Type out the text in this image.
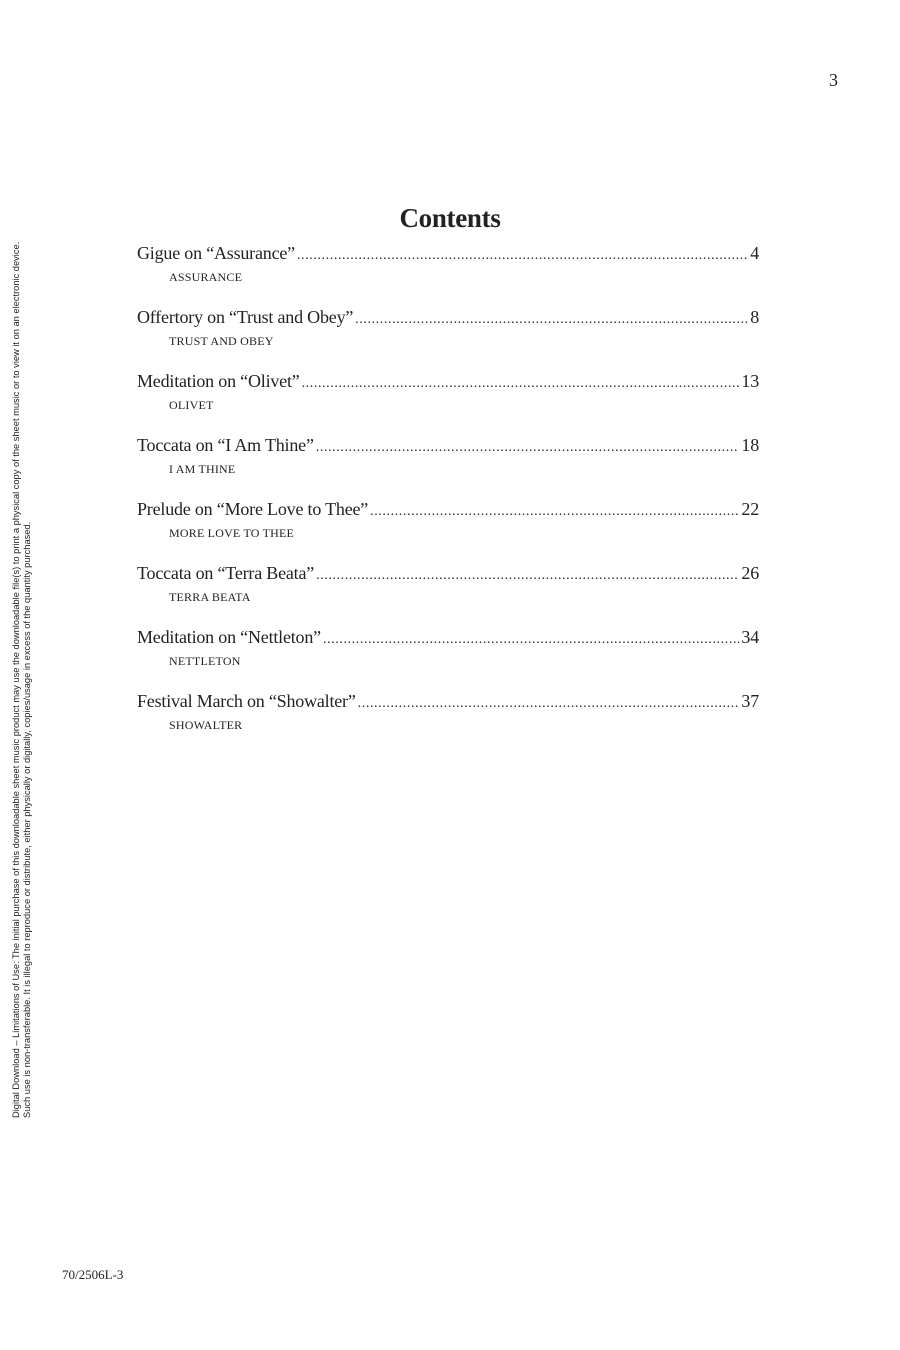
3
Digital Download – Limitations of Use: The initial purchase of this downloadable sheet music product may use the downloadable file(s) to print a physical copy of the sheet music or to view it on an electronic device. Such use is non-transferable. It is illegal to reproduce or distribute, either physically or digitally, copies/usage in excess of the quantity purchased.
Contents
Gigue on “Assurance” .....	4
ASSURANCE
Offertory on “Trust and Obey” .....	8
TRUST AND OBEY
Meditation on “Olivet” .....	13
OLIVET
Toccata on “I Am Thine” .....	18
I AM THINE
Prelude on “More Love to Thee” .....	22
MORE LOVE TO THEE
Toccata on “Terra Beata” .....	26
TERRA BEATA
Meditation on “Nettleton” .....	34
NETTLETON
Festival March on “Showalter” .....	37
SHOWALTER
70/2506L-3
